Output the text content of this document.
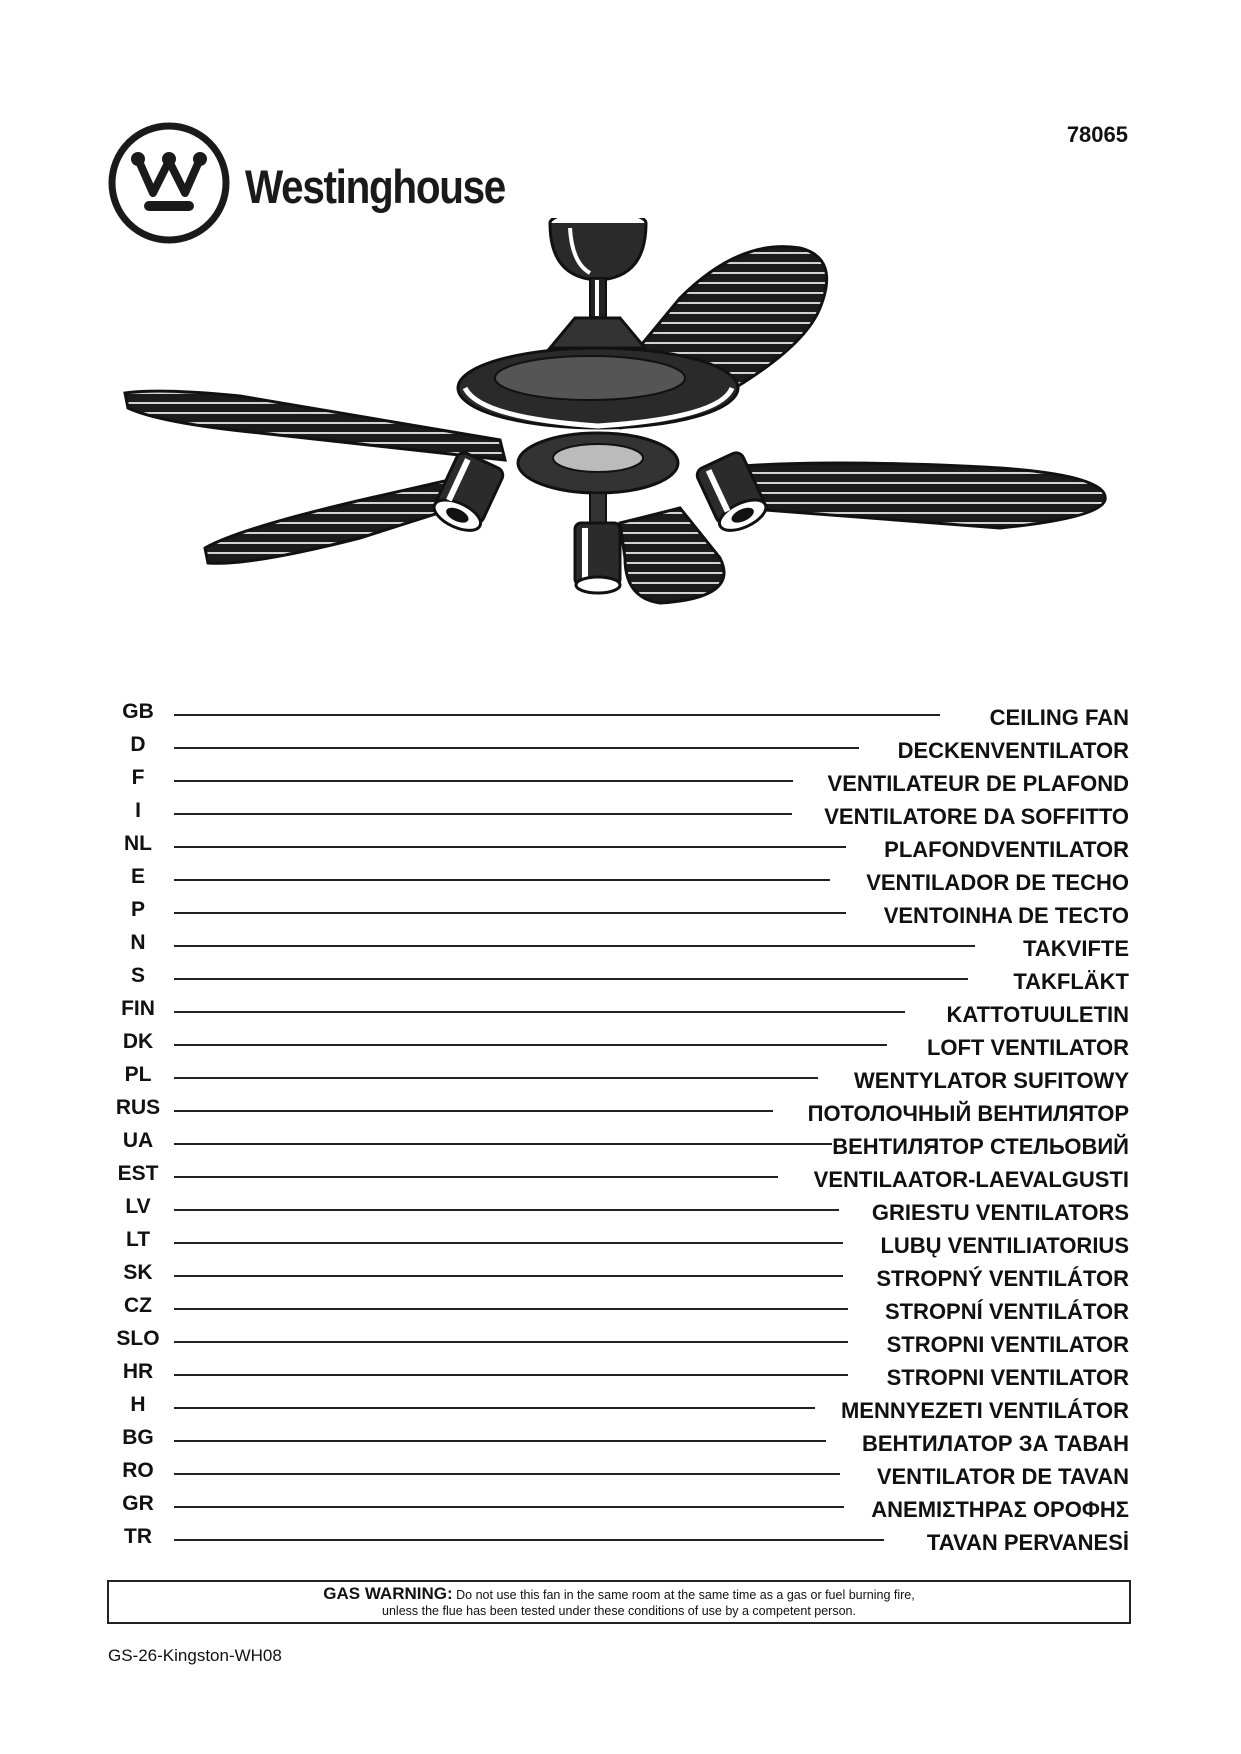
Westinghouse
78065
GB	CEILING FAN
D	DECKENVENTILATOR
F	VENTILATEUR DE PLAFOND
I	VENTILATORE DA SOFFITTO
NL	PLAFONDVENTILATOR
E	VENTILADOR DE TECHO
P	VENTOINHA DE TECTO
N	TAKVIFTE
S	TAKFLÄKT
FIN	KATTOTUULETIN
DK	LOFT VENTILATOR
PL	WENTYLATOR SUFITOWY
RUS	ПОТОЛОЧНЫЙ ВЕНТИЛЯТОР
UA	ВЕНТИЛЯТОР СТЕЛЬОВИЙ
EST	VENTILAATOR-LAEVALGUSTI
LV	GRIESTU VENTILATORS
LT	LUBŲ VENTILIATORIUS
SK	STROPNÝ VENTILÁTOR
CZ	STROPNÍ VENTILÁTOR
SLO	STROPNI VENTILATOR
HR	STROPNI VENTILATOR
H	MENNYEZETI VENTILÁTOR
BG	ВЕНТИЛАТОР ЗА ТАВАН
RO	VENTILATOR DE TAVAN
GR	ΑΝΕΜΙΣΤΗΡΑΣ ΟΡΟΦΗΣ
TR	TAVAN PERVANESİ
GAS WARNING: Do not use this fan in the same room at the same time as a gas or fuel burning fire,
unless the flue has been tested under these conditions of use by a competent person.
GS-26-Kingston-WH08
